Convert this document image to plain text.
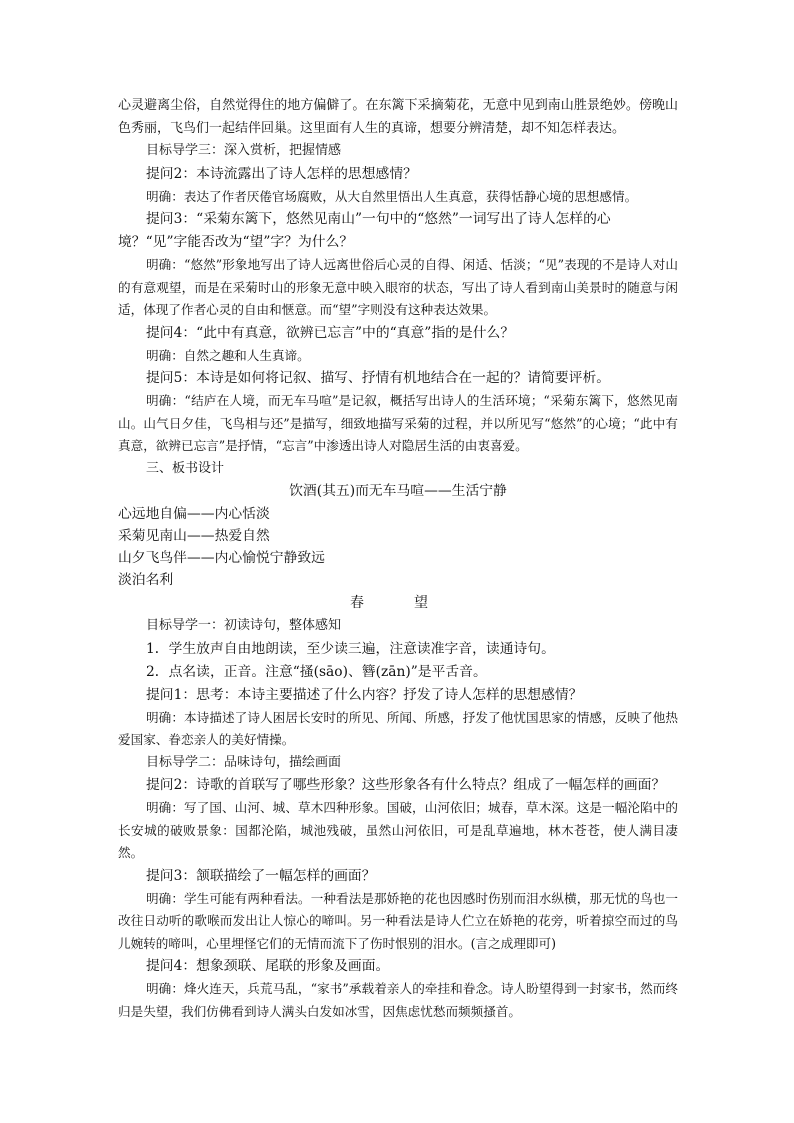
心灵避离尘俗，自然觉得住的地方偏僻了。在东篱下采摘菊花，无意中见到南山胜景绝妙。傍晚山色秀丽，飞鸟们一起结伴回巢。这里面有人生的真谛，想要分辨清楚，却不知怎样表达。

目标导学三：深入赏析，把握情感

提问2：本诗流露出了诗人怎样的思想感情？

明确：表达了作者厌倦官场腐败，从大自然里悟出人生真意，获得恬静心境的思想感情。

提问3：“采菊东篱下，悠然见南山”一句中的“悠然”一词写出了诗人怎样的心境？“见”字能否改为“望”字？为什么？

明确：“悠然”形象地写出了诗人远离世俗后心灵的自得、闲适、恬淡；“见”表现的不是诗人对山的有意观望，而是在采菊时山的形象无意中映入眼帘的状态，写出了诗人看到南山美景时的随意与闲适，体现了作者心灵的自由和惬意。而“望”字则没有这种表达效果。

提问4：“此中有真意，欲辨已忘言”中的“真意”指的是什么？

明确：自然之趣和人生真谛。

提问5：本诗是如何将记叙、描写、抒情有机地结合在一起的？请简要评析。

明确：“结庐在人境，而无车马喧”是记叙，概括写出诗人的生活环境；“采菊东篱下，悠然见南山。山气日夕佳，飞鸟相与还”是描写，细致地描写采菊的过程，并以所见写“悠然”的心境；“此中有真意，欲辨已忘言”是抒情，“忘言”中渗透出诗人对隐居生活的由衷喜爱。

三、板书设计

饮酒(其五)而无车马喧——生活宁静

心远地自偏——内心恬淡

采菊见南山——热爱自然

山夕飞鸟伴——内心愉悦宁静致远

淡泊名利

春　望

目标导学一：初读诗句，整体感知

1．学生放声自由地朗读，至少读三遍，注意读准字音，读通诗句。

2．点名读，正音。注意“搔(sāo)、簪(zān)”是平舌音。

提问1：思考：本诗主要描述了什么内容？抒发了诗人怎样的思想感情？

明确：本诗描述了诗人困居长安时的所见、所闻、所感，抒发了他忧国思家的情感，反映了他热爱国家、眷恋亲人的美好情操。

目标导学二：品味诗句，描绘画面

提问2：诗歌的首联写了哪些形象？这些形象各有什么特点？组成了一幅怎样的画面？

明确：写了国、山河、城、草木四种形象。国破，山河依旧；城春，草木深。这是一幅沦陷中的长安城的破败景象：国都沦陷，城池残破，虽然山河依旧，可是乱草遍地，林木苍苍，使人满目凄然。

提问3：颔联描绘了一幅怎样的画面？

明确：学生可能有两种看法。一种看法是那娇艳的花也因感时伤别而泪水纵横，那无忧的鸟也一改往日动听的歌喉而发出让人惊心的啼叫。另一种看法是诗人伫立在娇艳的花旁，听着掠空而过的鸟儿婉转的啼叫，心里埋怪它们的无情而流下了伤时恨别的泪水。(言之成理即可)

提问4：想象颈联、尾联的形象及画面。

明确：烽火连天，兵荒马乱，“家书”承载着亲人的牵挂和眷念。诗人盼望得到一封家书，然而终归是失望，我们仿佛看到诗人满头白发如冰雪，因焦虑忧愁而频频搔首。
